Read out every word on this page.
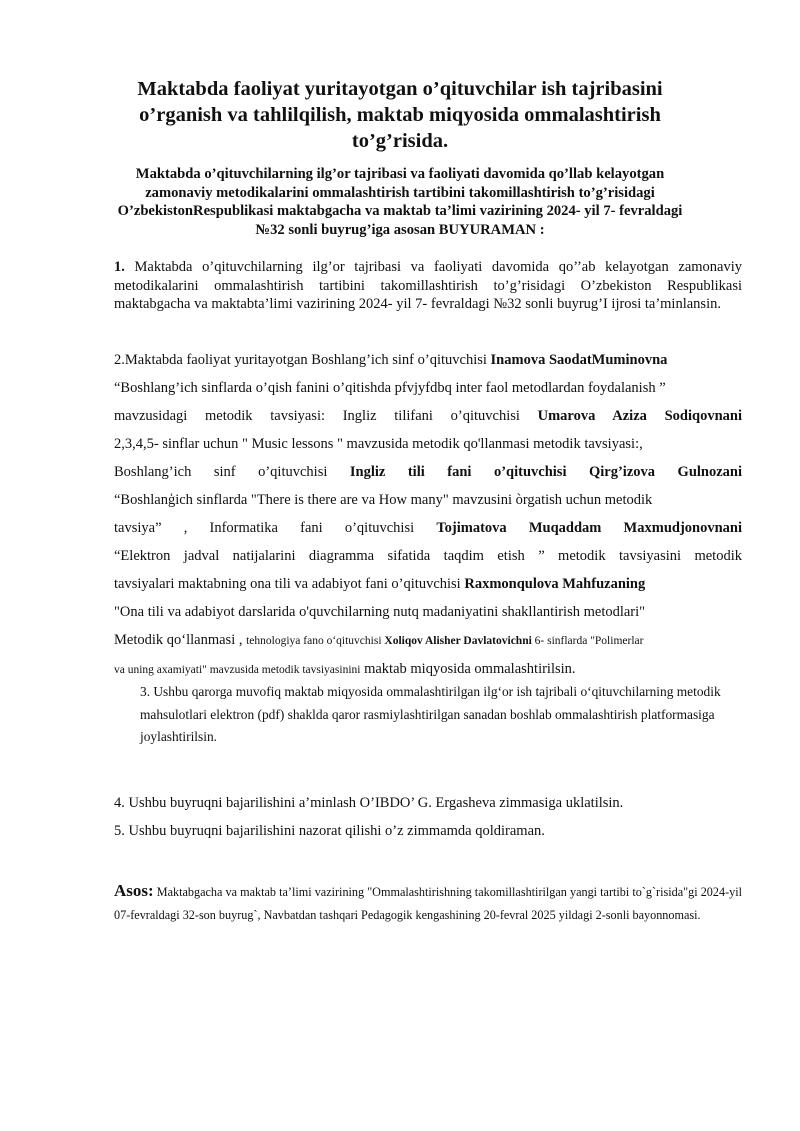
Maktabda faoliyat yuritayotgan o’qituvchilar ish tajribasini
o’rganish va tahlilqilish, maktab miqyosida ommalashtirish
to’g’risida.
Maktabda o’qituvchilarning ilg’or tajribasi va faoliyati davomida qo’llab kelayotgan
zamonaviy metodikalarini ommalashtirish tartibini takomillashtirish to’g’risidagi
O’zbekistonRespublikasi maktabgacha va maktab ta’limi vazirining 2024- yil 7- fevraldagi
№32 sonli buyrug’iga asosan BUYURAMAN :
1. Maktabda o’qituvchilarning ilg’or tajribasi va faoliyati davomida qo’’ab kelayotgan zamonaviy metodikalarini ommalashtirish tartibini takomillashtirish to’g’risidagi O’zbekiston Respublikasi maktabgacha va maktabta’limi vazirining 2024- yil 7- fevraldagi №32 sonli buyrug’I ijrosi ta’minlansin.
2.Maktabda faoliyat yuritayotgan Boshlang’ich sinf o’qituvchisi Inamova SaodatMuminovna
“Boshlang’ich sinflarda o’qish fanini o’qitishda pfvjyfdbq inter faol metodlardan foydalanish ”
mavzusidagi metodik tavsiyasi: Ingliz tilifani o’qituvchisi Umarova Aziza Sodiqovnani
2,3,4,5- sinflar uchun " Music lessons " mavzusida metodik qo'llanmasi metodik tavsiyasi:,
Boshlang’ich sinf o’qituvchisi Ingliz tili fani o’qituvchisi Qirg’izova Gulnozani
“Boshlanģich sinflarda "There is there are va How many" mavzusini òrgatish uchun metodik
tavsiya” , Informatika fani o’qituvchisi Tojimatova Muqaddam Maxmudjonovnani
“Elektron jadval natijalarini diagramma sifatida taqdim etish ” metodik tavsiyasini metodik
tavsiyalari maktabning ona tili va adabiyot fani o’qituvchisi Raxmonqulova Mahfuzaning
"Ona tili va adabiyot darslarida o'quvchilarning nutq madaniyatini shakllantirish metodlari"
Metodik qo‘llanmasi , tehnologiya fano o‘qituvchisi Xoliqov Alisher Davlatovichni 6- sinflarda "Polimerlar
va uning axamiyati" mavzusida metodik tavsiyasinini maktab miqyosida ommalashtirilsin.
3. Ushbu qarorga muvofiq maktab miqyosida ommalashtirilgan ilg‘or ish tajribali o‘qituvchilarning metodik mahsulotlari elektron (pdf) shaklda qaror rasmiylashtirilgan sanadan boshlab ommalashtirish platformasiga joylashtirilsin.
4. Ushbu buyruqni bajarilishini a’minlash O’IBDO’ G. Ergasheva zimmasiga uklatilsin.
5. Ushbu buyruqni bajarilishini nazorat qilishi o’z zimmamda qoldiraman.
Asos: Maktabgacha va maktab ta’limi vazirining "Ommalashtirishning takomillashtirilgan yangi tartibi to`g`risida"gi 2024-yil 07-fevraldagi 32-son buyrug`, Navbatdan tashqari Pedagogik kengashining 20-fevral 2025 yildagi 2-sonli bayonnomasi.
